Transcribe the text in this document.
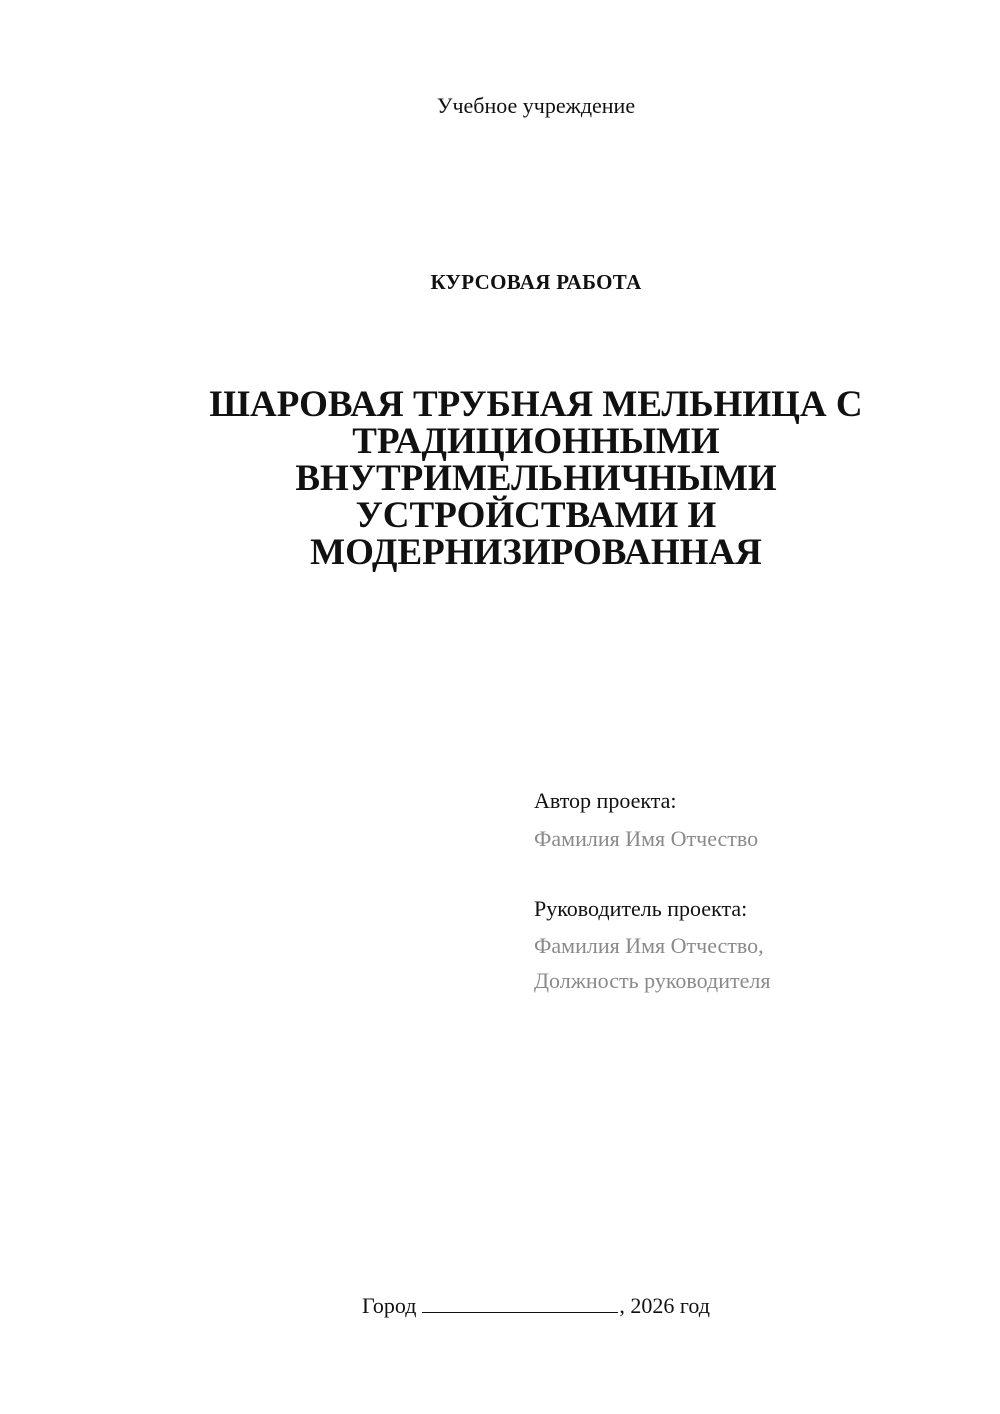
Учебное учреждение
КУРСОВАЯ РАБОТА
ШАРОВАЯ ТРУБНАЯ МЕЛЬНИЦА С
ТРАДИЦИОННЫМИ
ВНУТРИМЕЛЬНИЧНЫМИ
УСТРОЙСТВАМИ И
МОДЕРНИЗИРОВАННАЯ
Автор проекта:
Фамилия Имя Отчество
Руководитель проекта:
Фамилия Имя Отчество,
Должность руководителя
Город	, 2026 год
